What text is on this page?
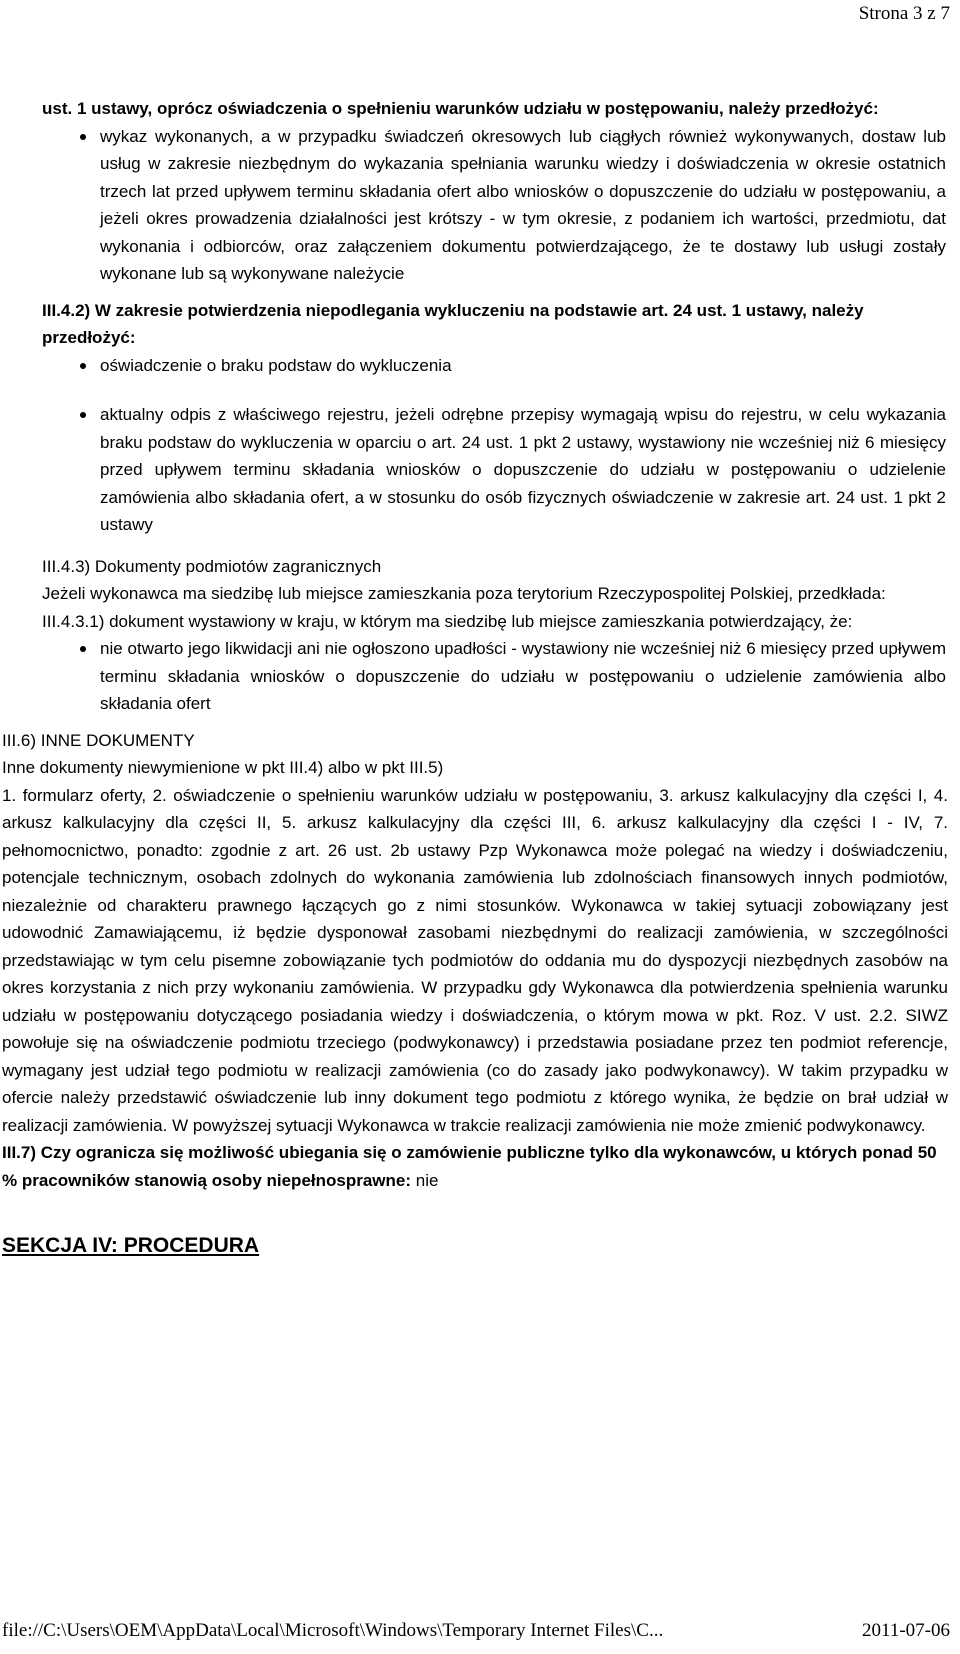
Strona 3 z 7
ust. 1 ustawy, oprócz oświadczenia o spełnieniu warunków udziału w postępowaniu, należy przedłożyć:
wykaz wykonanych, a w przypadku świadczeń okresowych lub ciągłych również wykonywanych, dostaw lub usług w zakresie niezbędnym do wykazania spełniania warunku wiedzy i doświadczenia w okresie ostatnich trzech lat przed upływem terminu składania ofert albo wniosków o dopuszczenie do udziału w postępowaniu, a jeżeli okres prowadzenia działalności jest krótszy - w tym okresie, z podaniem ich wartości, przedmiotu, dat wykonania i odbiorców, oraz załączeniem dokumentu potwierdzającego, że te dostawy lub usługi zostały wykonane lub są wykonywane należycie
III.4.2) W zakresie potwierdzenia niepodlegania wykluczeniu na podstawie art. 24 ust. 1 ustawy, należy przedłożyć:
oświadczenie o braku podstaw do wykluczenia
aktualny odpis z właściwego rejestru, jeżeli odrębne przepisy wymagają wpisu do rejestru, w celu wykazania braku podstaw do wykluczenia w oparciu o art. 24 ust. 1 pkt 2 ustawy, wystawiony nie wcześniej niż 6 miesięcy przed upływem terminu składania wniosków o dopuszczenie do udziału w postępowaniu o udzielenie zamówienia albo składania ofert, a w stosunku do osób fizycznych oświadczenie w zakresie art. 24 ust. 1 pkt 2 ustawy
III.4.3) Dokumenty podmiotów zagranicznych
Jeżeli wykonawca ma siedzibę lub miejsce zamieszkania poza terytorium Rzeczypospolitej Polskiej, przedkłada:
III.4.3.1) dokument wystawiony w kraju, w którym ma siedzibę lub miejsce zamieszkania potwierdzający, że:
nie otwarto jego likwidacji ani nie ogłoszono upadłości - wystawiony nie wcześniej niż 6 miesięcy przed upływem terminu składania wniosków o dopuszczenie do udziału w postępowaniu o udzielenie zamówienia albo składania ofert
III.6) INNE DOKUMENTY
Inne dokumenty niewymienione w pkt III.4) albo w pkt III.5)
1. formularz oferty, 2. oświadczenie o spełnieniu warunków udziału w postępowaniu, 3. arkusz kalkulacyjny dla części I, 4. arkusz kalkulacyjny dla części II, 5. arkusz kalkulacyjny dla części III, 6. arkusz kalkulacyjny dla części I - IV, 7. pełnomocnictwo, ponadto: zgodnie z art. 26 ust. 2b ustawy Pzp Wykonawca może polegać na wiedzy i doświadczeniu, potencjale technicznym, osobach zdolnych do wykonania zamówienia lub zdolnościach finansowych innych podmiotów, niezależnie od charakteru prawnego łączących go z nimi stosunków. Wykonawca w takiej sytuacji zobowiązany jest udowodnić Zamawiającemu, iż będzie dysponował zasobami niezbędnymi do realizacji zamówienia, w szczególności przedstawiając w tym celu pisemne zobowiązanie tych podmiotów do oddania mu do dyspozycji niezbędnych zasobów na okres korzystania z nich przy wykonaniu zamówienia. W przypadku gdy Wykonawca dla potwierdzenia spełnienia warunku udziału w postępowaniu dotyczącego posiadania wiedzy i doświadczenia, o którym mowa w pkt. Roz. V ust. 2.2. SIWZ powołuje się na oświadczenie podmiotu trzeciego (podwykonawcy) i przedstawia posiadane przez ten podmiot referencje, wymagany jest udział tego podmiotu w realizacji zamówienia (co do zasady jako podwykonawcy). W takim przypadku w ofercie należy przedstawić oświadczenie lub inny dokument tego podmiotu z którego wynika, że będzie on brał udział w realizacji zamówienia. W powyższej sytuacji Wykonawca w trakcie realizacji zamówienia nie może zmienić podwykonawcy.
III.7) Czy ogranicza się możliwość ubiegania się o zamówienie publiczne tylko dla wykonawców, u których ponad 50 % pracowników stanowią osoby niepełnosprawne: nie
SEKCJA IV: PROCEDURA
file://C:\Users\OEM\AppData\Local\Microsoft\Windows\Temporary Internet Files\C...	2011-07-06
